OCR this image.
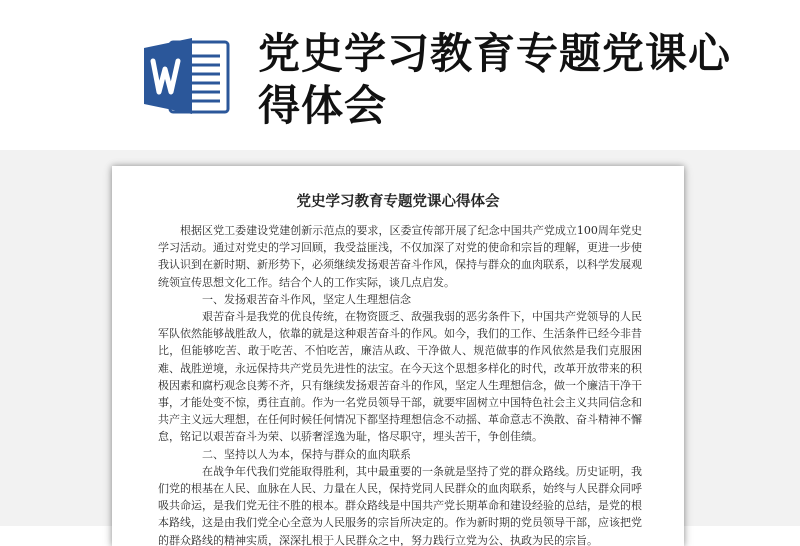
党史学习教育专题党课心得体会
党史学习教育专题党课心得体会

根据区党工委建设党建创新示范点的要求，区委宣传部开展了纪念中国共产党成立100周年党史学习活动。通过对党史的学习回顾，我受益匪浅，不仅加深了对党的使命和宗旨的理解，更进一步使我认识到在新时期、新形势下，必须继续发扬艰苦奋斗作风，保持与群众的血肉联系，以科学发展观统领宣传思想文化工作。结合个人的工作实际，谈几点启发。

一、发扬艰苦奋斗作风，坚定人生理想信念

艰苦奋斗是我党的优良传统，在物资匮乏、敌强我弱的恶劣条件下，中国共产党领导的人民军队依然能够战胜敌人，依靠的就是这种艰苦奋斗的作风。如今，我们的工作、生活条件已经今非昔比，但能够吃苦、敢于吃苦、不怕吃苦，廉洁从政、干净做人、规范做事的作风依然是我们克服困难、战胜逆境，永远保持共产党员先进性的法宝。在今天这个思想多样化的时代，改革开放带来的积极因素和腐朽观念良莠不齐，只有继续发扬艰苦奋斗的作风，坚定人生理想信念，做一个廉洁干净干事，才能处变不惊，勇往直前。作为一名党员领导干部，就要牢固树立中国特色社会主义共同信念和共产主义远大理想，在任何时候任何情况下都坚持理想信念不动摇、革命意志不涣散、奋斗精神不懈怠，铭记以艰苦奋斗为荣、以骄奢淫逸为耻，恪尽职守，埋头苦干，争创佳绩。

二、坚持以人为本，保持与群众的血肉联系

在战争年代我们党能取得胜利，其中最重要的一条就是坚持了党的群众路线。历史证明，我们党的根基在人民、血脉在人民、力量在人民，保持党同人民群众的血肉联系，始终与人民群众同呼吸共命运，是我们党无往不胜的根本。群众路线是中国共产党长期革命和建设经验的总结，是党的根本路线，这是由我们党全心全意为人民服务的宗旨所决定的。作为新时期的党员领导干部，应该把党的群众路线的精神实质，深深扎根于人民群众之中，努力践行立党为公、执政为民的宗旨。
